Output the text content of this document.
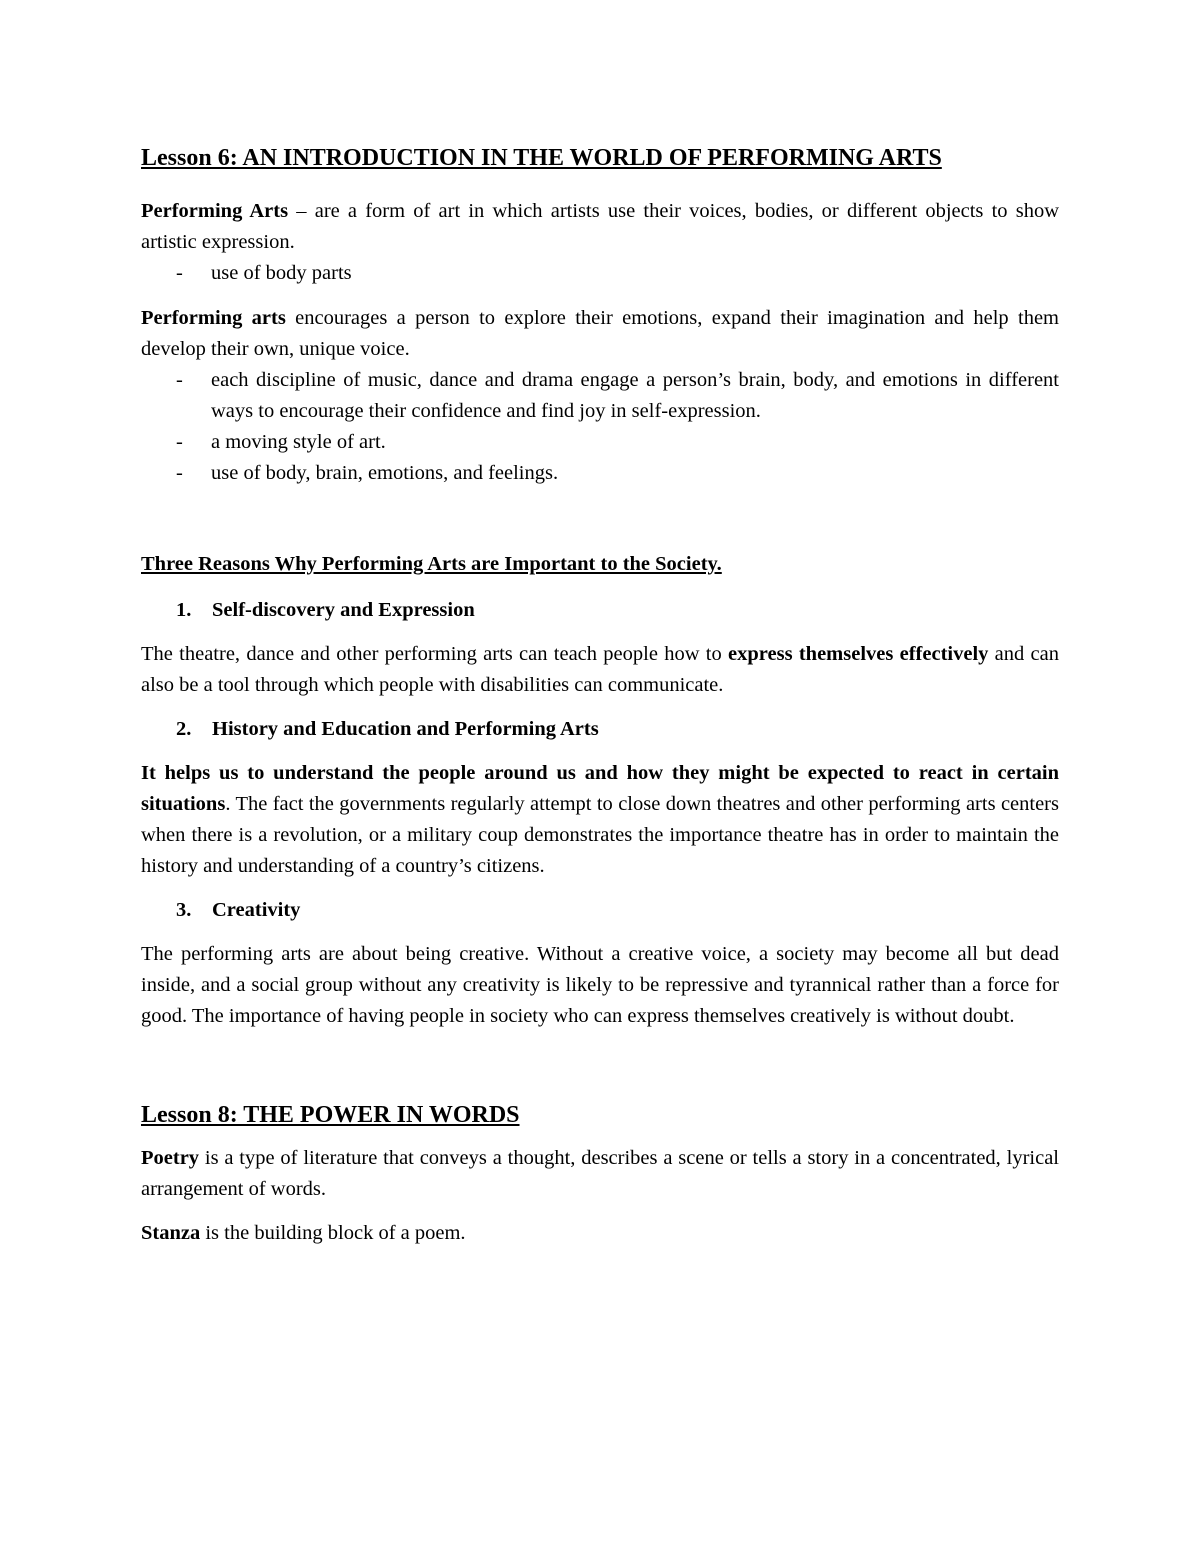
Lesson 6: AN INTRODUCTION IN THE WORLD OF PERFORMING ARTS

Performing Arts – are a form of art in which artists use their voices, bodies, or different objects to show artistic expression.

- use of body parts

Performing arts encourages a person to explore their emotions, expand their imagination and help them develop their own, unique voice.

- each discipline of music, dance and drama engage a person’s brain, body, and emotions in different ways to encourage their confidence and find joy in self-expression.
- a moving style of art.
- use of body, brain, emotions, and feelings.

Three Reasons Why Performing Arts are Important to the Society.

1. Self-discovery and Expression

The theatre, dance and other performing arts can teach people how to express themselves effectively and can also be a tool through which people with disabilities can communicate.

2. History and Education and Performing Arts

It helps us to understand the people around us and how they might be expected to react in certain situations. The fact the governments regularly attempt to close down theatres and other performing arts centers when there is a revolution, or a military coup demonstrates the importance theatre has in order to maintain the history and understanding of a country’s citizens.

3. Creativity

The performing arts are about being creative. Without a creative voice, a society may become all but dead inside, and a social group without any creativity is likely to be repressive and tyrannical rather than a force for good. The importance of having people in society who can express themselves creatively is without doubt.

Lesson 8: THE POWER IN WORDS

Poetry is a type of literature that conveys a thought, describes a scene or tells a story in a concentrated, lyrical arrangement of words.

Stanza is the building block of a poem.
